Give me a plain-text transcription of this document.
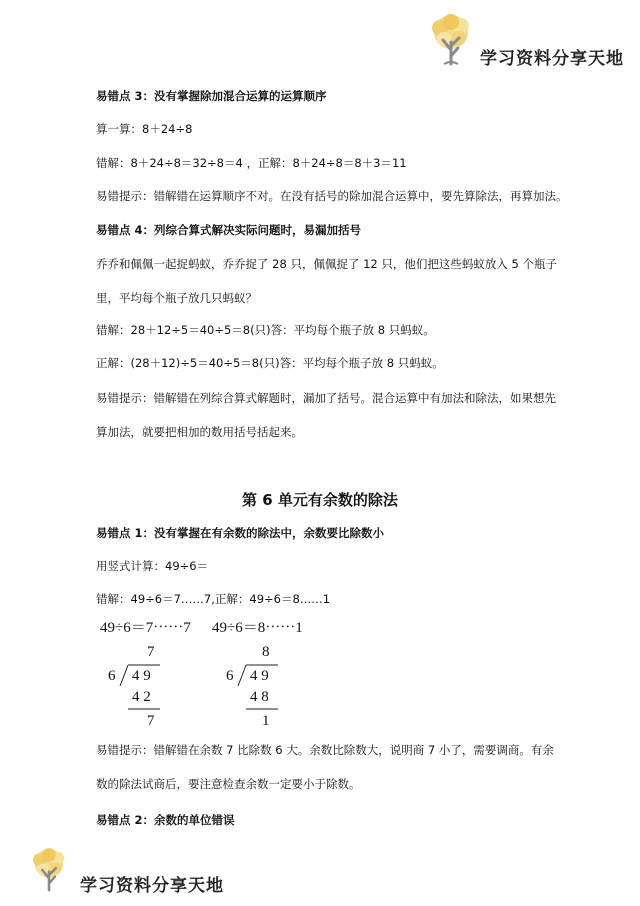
学习资料分享天地
易错点 3：没有掌握除加混合运算的运算顺序
算一算：8＋24÷8
错解：8＋24÷8＝32÷8＝4 ，正解：8＋24÷8＝8＋3＝11
易错提示：错解错在运算顺序不对。在没有括号的除加混合运算中，要先算除法，再算加法。
易错点 4：列综合算式解决实际问题时，易漏加括号
乔乔和佩佩一起捉蚂蚁，乔乔捉了 28 只，佩佩捉了 12 只，他们把这些蚂蚁放入 5 个瓶子
里，平均每个瓶子放几只蚂蚁？
错解：28＋12÷5＝40÷5＝8(只)答：平均每个瓶子放 8 只蚂蚁。
正解：(28＋12)÷5＝40÷5＝8(只)答：平均每个瓶子放 8 只蚂蚁。
易错提示：错解错在列综合算式解题时，漏加了括号。混合运算中有加法和除法，如果想先
算加法，就要把相加的数用括号括起来。
第 6 单元有余数的除法
易错点 1：没有掌握在有余数的除法中，余数要比除数小
用竖式计算：49÷6＝
错解：49÷6＝7……7,正解：49÷6＝8……1
49÷6＝7⋯⋯7 49÷6＝8⋯⋯1
7
6 4 9
4 2
7
8
6 4 9
4 8
1
易错提示：错解错在余数 7 比除数 6 大。余数比除数大，说明商 7 小了，需要调商。有余
数的除法试商后，要注意检查余数一定要小于除数。
易错点 2：余数的单位错误
学习资料分享天地
